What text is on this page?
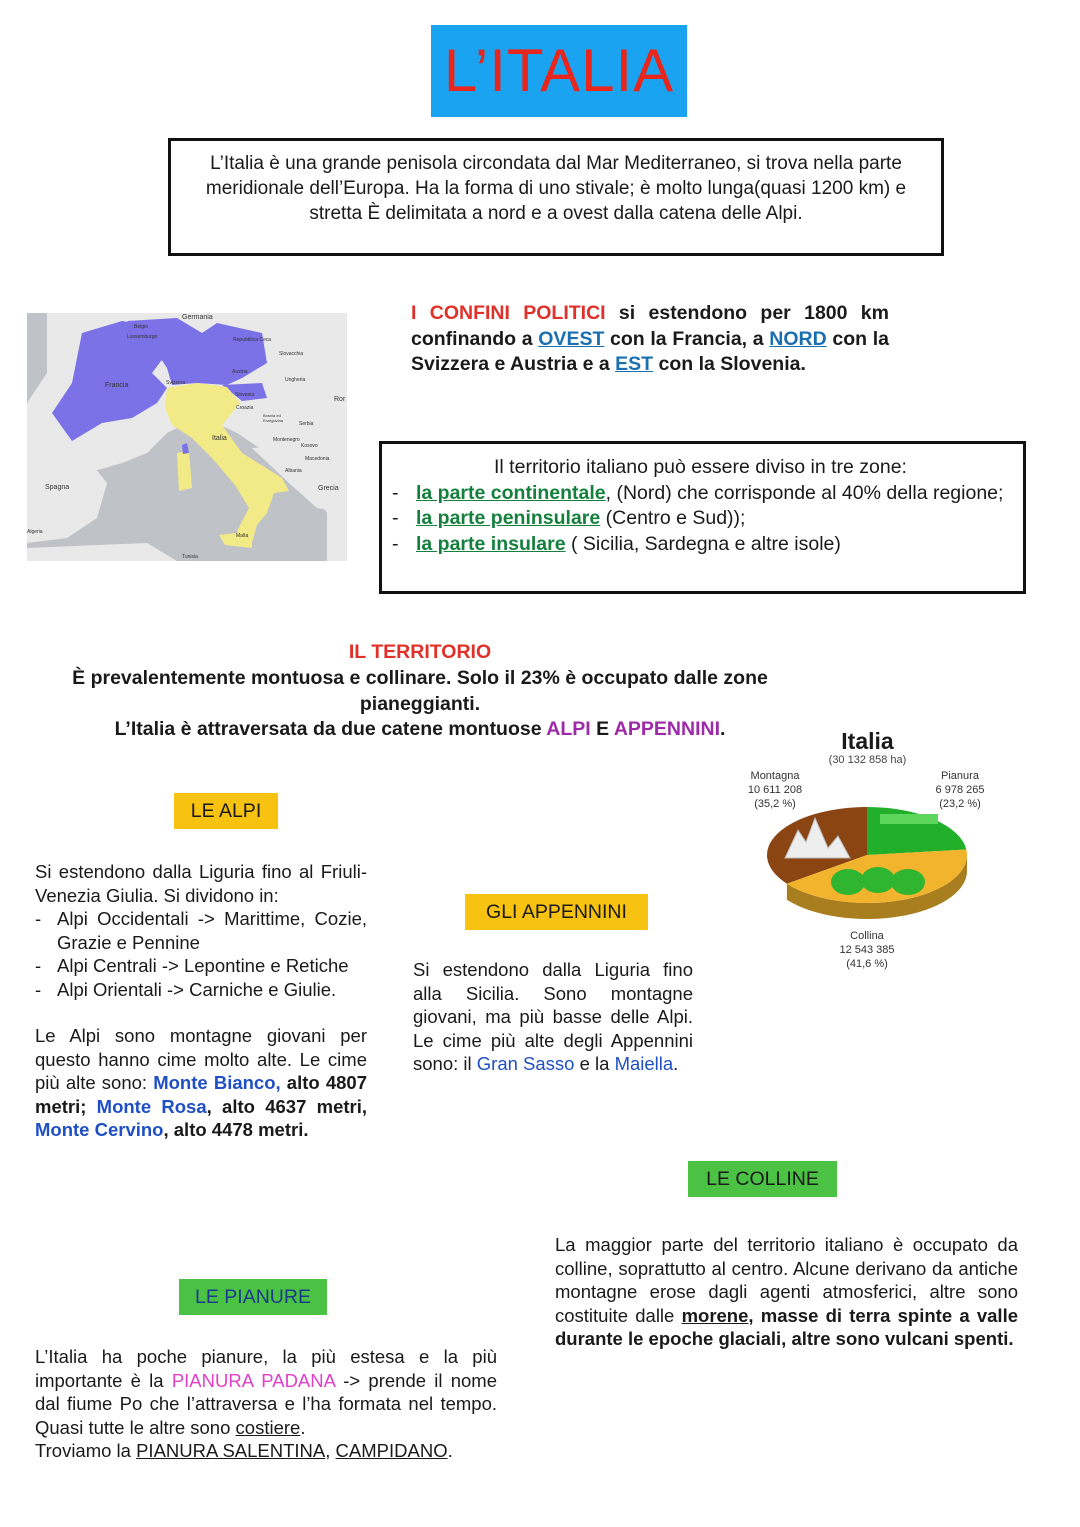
L’ITALIA
L’Italia è una grande penisola circondata dal Mar Mediterraneo, si trova nella parte meridionale dell’Europa. Ha la forma di uno stivale; è molto lunga(quasi 1200 km) e stretta È delimitata a nord e a ovest dalla catena delle Alpi.
Germania
Belgio
Lussemburgo	Repubblica Ceca
Slovacchia
Austria
Ungheria
Francia	Svizzera
Slovenia
Croazia
Bosnia ed Erzegovina
Serbia
Ror
Montenegro
Kosovo
Italia
Albania
Macedonia
Spagna	Grecia
Malta
Tunisia
Algeria
I CONFINI POLITICI si estendono per 1800 km confinando a OVEST con la Francia, a NORD con la Svizzera e Austria e a EST con la Slovenia.
Il territorio italiano può essere diviso in tre zone:
- la parte continentale, (Nord) che corrisponde al 40% della regione;
- la parte peninsulare (Centro e Sud));
- la parte insulare ( Sicilia, Sardegna e altre isole)
IL TERRITORIO
È prevalentemente montuosa e collinare. Solo il 23% è occupato dalle zone pianeggianti.
L’Italia è attraversata da due catene montuose ALPI E APPENNINI.	Italia
(30 132 858 ha)
Montagna
10 611 208
(35,2 %)
Pianura
6 978 265
(23,2 %)
Collina
12 543 385
(41,6 %)
LE ALPI
Si estendono dalla Liguria fino al Friuli- Venezia Giulia. Si dividono in:
- Alpi Occidentali -> Marittime, Cozie, Grazie e Pennine
- Alpi Centrali -> Lepontine e Retiche
- Alpi Orientali -> Carniche e Giulie.
Le Alpi sono montagne giovani per questo hanno cime molto alte. Le cime più alte sono: Monte Bianco, alto 4807 metri; Monte Rosa, alto 4637 metri, Monte Cervino, alto 4478 metri.
GLI APPENNINI
Si estendono dalla Liguria fino alla Sicilia. Sono montagne giovani, ma più basse delle Alpi. Le cime più alte degli Appennini sono: il Gran Sasso e la Maiella.
LE COLLINE
La maggior parte del territorio italiano è occupato da colline, soprattutto al centro. Alcune derivano da antiche montagne erose dagli agenti atmosferici, altre sono costituite dalle morene, masse di terra spinte a valle durante le epoche glaciali, altre sono vulcani spenti.
LE PIANURE
L’Italia ha poche pianure, la più estesa e la più importante è la PIANURA PADANA -> prende il nome dal fiume Po che l’attraversa e l’ha formata nel tempo. Quasi tutte le altre sono costiere.
Troviamo la PIANURA SALENTINA, CAMPIDANO.
